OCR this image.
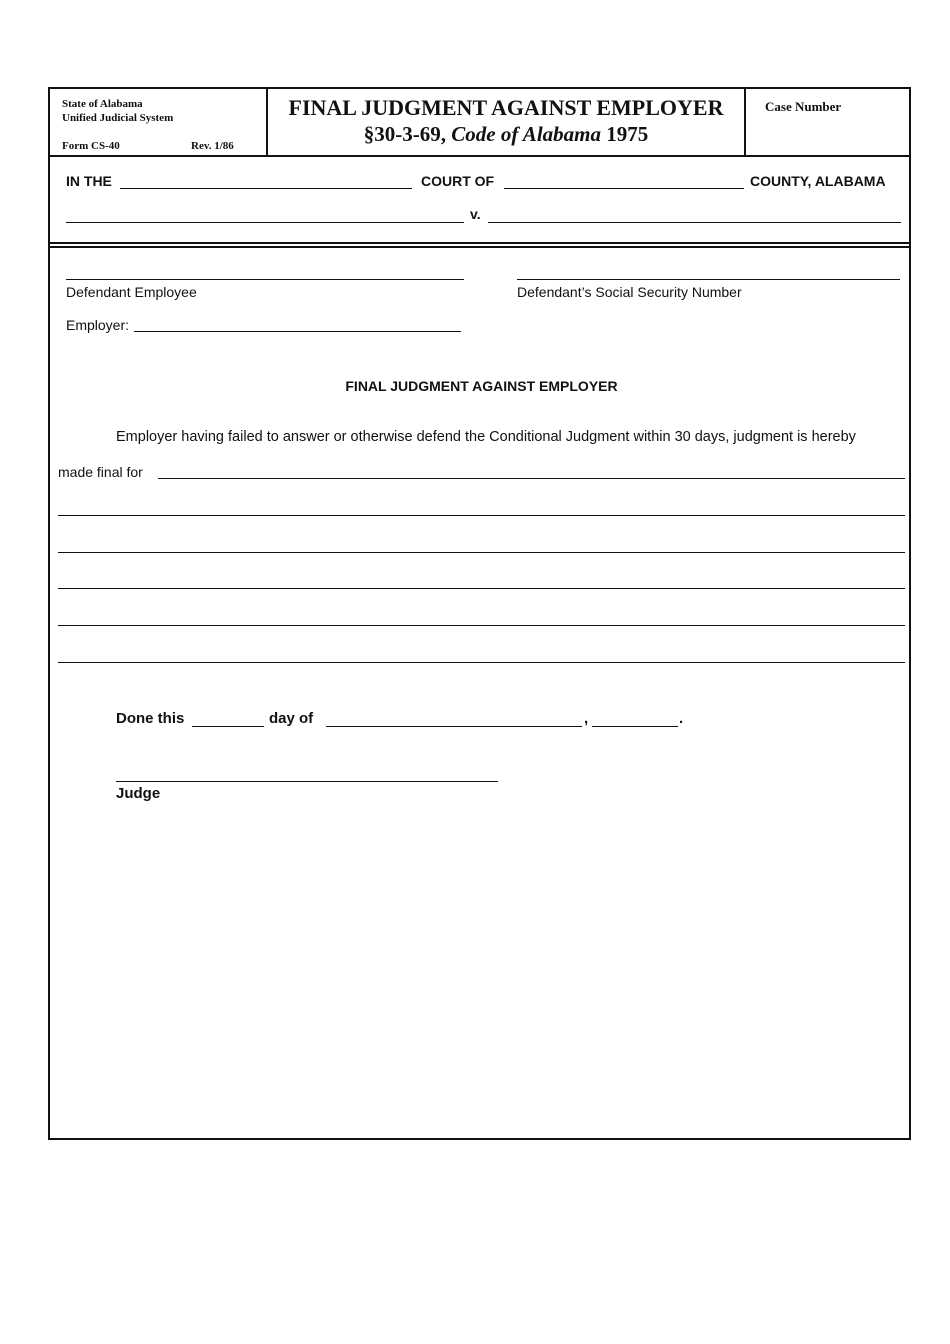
State of Alabama
Unified Judicial System
Form CS-40	Rev. 1/86
FINAL JUDGMENT AGAINST EMPLOYER
§30-3-69, Code of Alabama 1975
Case Number
IN THE	COURT OF	COUNTY, ALABAMA
v.
Defendant Employee	Defendant’s Social Security Number
Employer:
FINAL JUDGMENT AGAINST EMPLOYER
Employer having failed to answer or otherwise defend the Conditional Judgment within 30 days, judgment is hereby
made final for
Done this	day of	,	.
Judge
